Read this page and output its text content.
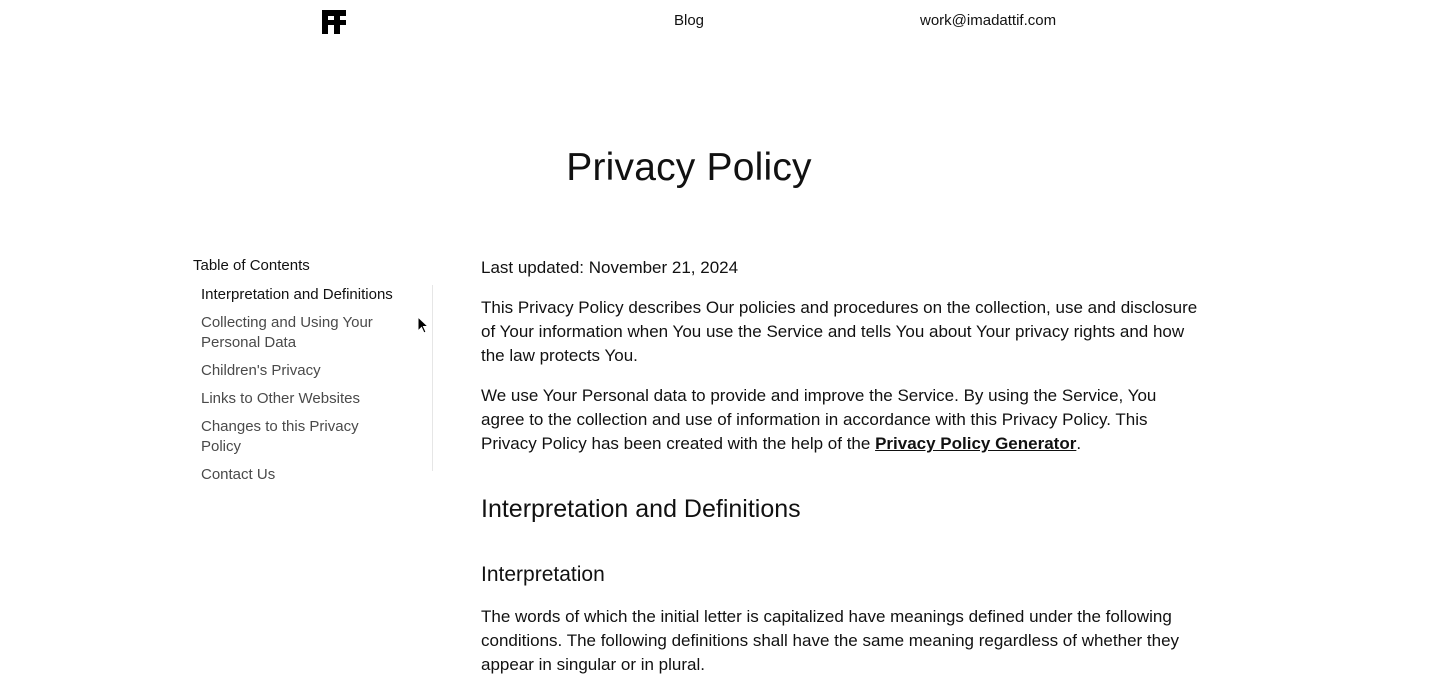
Blog	work@imadattif.com
Privacy Policy
Table of Contents
Interpretation and Definitions
Collecting and Using Your Personal Data
Children's Privacy
Links to Other Websites
Changes to this Privacy Policy
Contact Us

Last updated: November 21, 2024

This Privacy Policy describes Our policies and procedures on the collection, use and disclosure of Your information when You use the Service and tells You about Your privacy rights and how the law protects You.

We use Your Personal data to provide and improve the Service. By using the Service, You agree to the collection and use of information in accordance with this Privacy Policy. This Privacy Policy has been created with the help of the Privacy Policy Generator.

Interpretation and Definitions
Interpretation

The words of which the initial letter is capitalized have meanings defined under the following conditions. The following definitions shall have the same meaning regardless of whether they appear in singular or in plural.
